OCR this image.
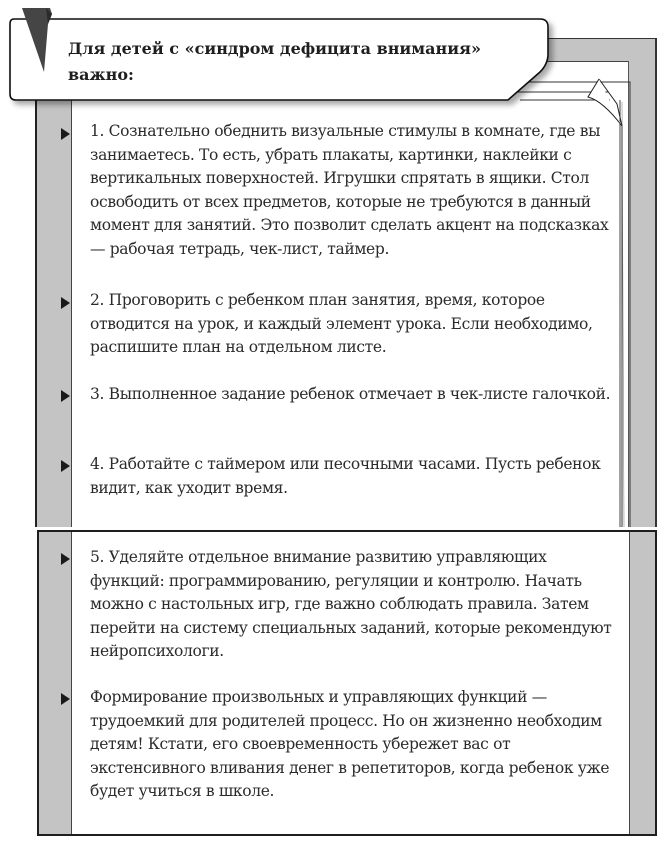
Для детей с «синдром дефицита внимания» важно:
1. Сознательно обеднить визуальные стимулы в комнате, где вы занимаетесь. То есть, убрать плакаты, картинки, наклейки с вертикальных поверхностей. Игрушки спрятать в ящики. Стол освободить от всех предметов, которые не требуются в данный момент для занятий. Это позволит сделать акцент на подсказках — рабочая тетрадь, чек-лист, таймер.
2. Проговорить с ребенком план занятия, время, которое отводится на урок, и каждый элемент урока. Если необходимо, распишите план на отдельном листе.
3. Выполненное задание ребенок отмечает в чек-листе галочкой.
4. Работайте с таймером или песочными часами. Пусть ребенок видит, как уходит время.
5. Уделяйте отдельное внимание развитию управляющих функций: программированию, регуляции и контролю. Начать можно с настольных игр, где важно соблюдать правила. Затем перейти на систему специальных заданий, которые рекомендуют нейропсихологи.
Формирование произвольных и управляющих функций — трудоемкий для родителей процесс. Но он жизненно необходим детям! Кстати, его своевременность убережет вас от экстенсивного вливания денег в репетиторов, когда ребенок уже будет учиться в школе.
